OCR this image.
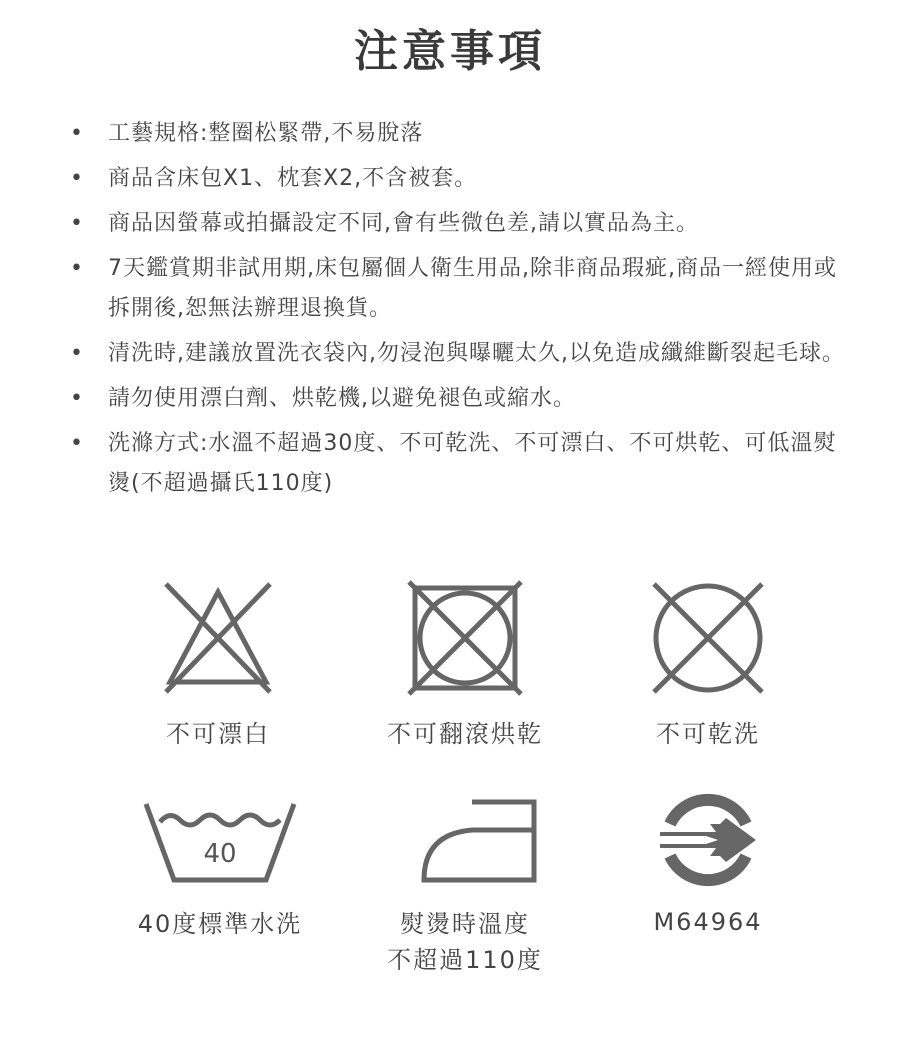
注意事項
• 工藝規格:整圈松緊帶,不易脫落
• 商品含床包X1、枕套X2,不含被套。
• 商品因螢幕或拍攝設定不同,會有些微色差,請以實品為主。
• 7天鑑賞期非試用期,床包屬個人衛生用品,除非商品瑕疵,商品一經使用或拆開後,恕無法辦理退換貨。
• 清洗時,建議放置洗衣袋內,勿浸泡與曝曬太久,以免造成纖維斷裂起毛球。
• 請勿使用漂白劑、烘乾機,以避免褪色或縮水。
• 洗滌方式:水溫不超過30度、不可乾洗、不可漂白、不可烘乾、可低溫熨燙(不超過攝氏110度)
不可漂白	不可翻滾烘乾	不可乾洗
40
40度標準水洗	熨燙時溫度
不超過110度
M64964
